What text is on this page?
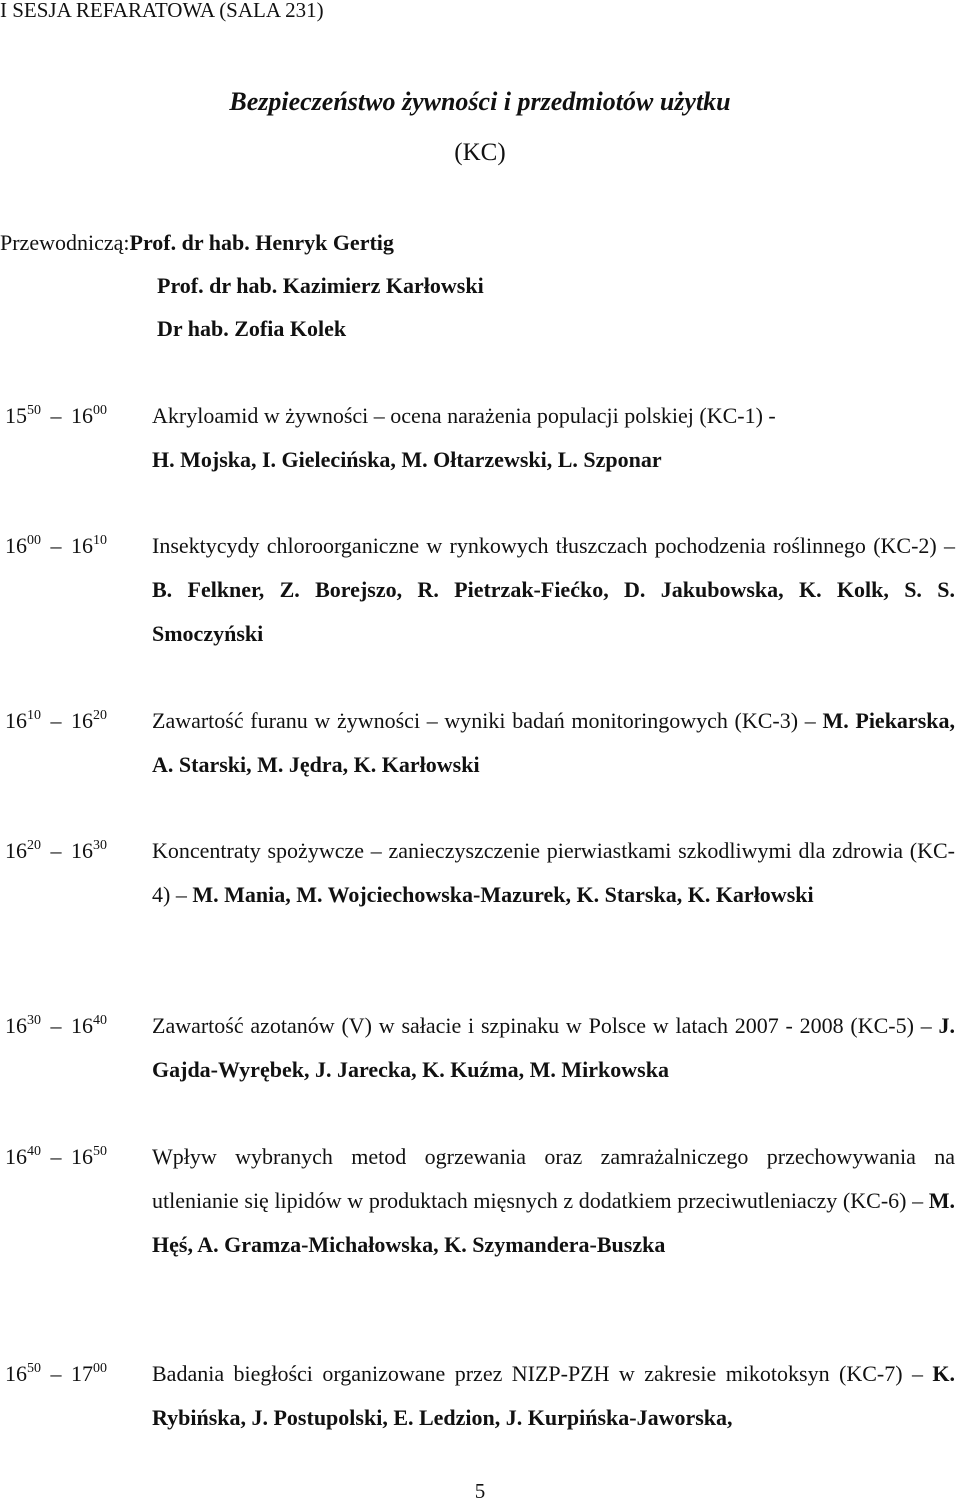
I SESJA REFARATOWA (SALA 231)
Bezpieczeństwo żywności i przedmiotów użytku
(KC)
Przewodniczą:Prof. dr hab. Henryk Gertig
Prof. dr hab. Kazimierz Karłowski
Dr hab. Zofia Kolek
$15^{50} - 16^{00}$ Akryloamid w żywności – ocena narażenia populacji polskiej (KC-1) -
H. Mojska, I. Gielecińska, M. Ołtarzewski, L. Szponar
$16^{00} - 16^{10}$ Insektycydy chloroorganiczne w rynkowych tłuszczach pochodzenia roślinnego (KC-2) – B. Felkner, Z. Borejszo, R. Pietrzak-Fiećko, D. Jakubowska, K. Kolk, S. S. Smoczyński
$16^{10} - 16^{20}$ Zawartość furanu w żywności – wyniki badań monitoringowych (KC-3) – M. Piekarska, A. Starski, M. Jędra, K. Karłowski
$16^{20} - 16^{30}$ Koncentraty spożywcze – zanieczyszczenie pierwiastkami szkodliwymi dla zdrowia (KC-4) – M. Mania, M. Wojciechowska-Mazurek, K. Starska, K. Karłowski
$16^{30} - 16^{40}$ Zawartość azotanów (V) w sałacie i szpinaku w Polsce w latach 2007 - 2008 (KC-5) – J. Gajda-Wyrębek, J. Jarecka, K. Kuźma, M. Mirkowska
$16^{40} - 16^{50}$ Wpływ wybranych metod ogrzewania oraz zamrażalniczego przechowywania na utlenianie się lipidów w produktach mięsnych z dodatkiem przeciwutleniaczy (KC-6) – M. Hęś, A. Gramza-Michałowska, K. Szymandera-Buszka
$16^{50} - 17^{00}$ Badania biegłości organizowane przez NIZP-PZH w zakresie mikotoksyn (KC-7) – K. Rybińska, J. Postupolski, E. Ledzion, J. Kurpińska-Jaworska,
5
